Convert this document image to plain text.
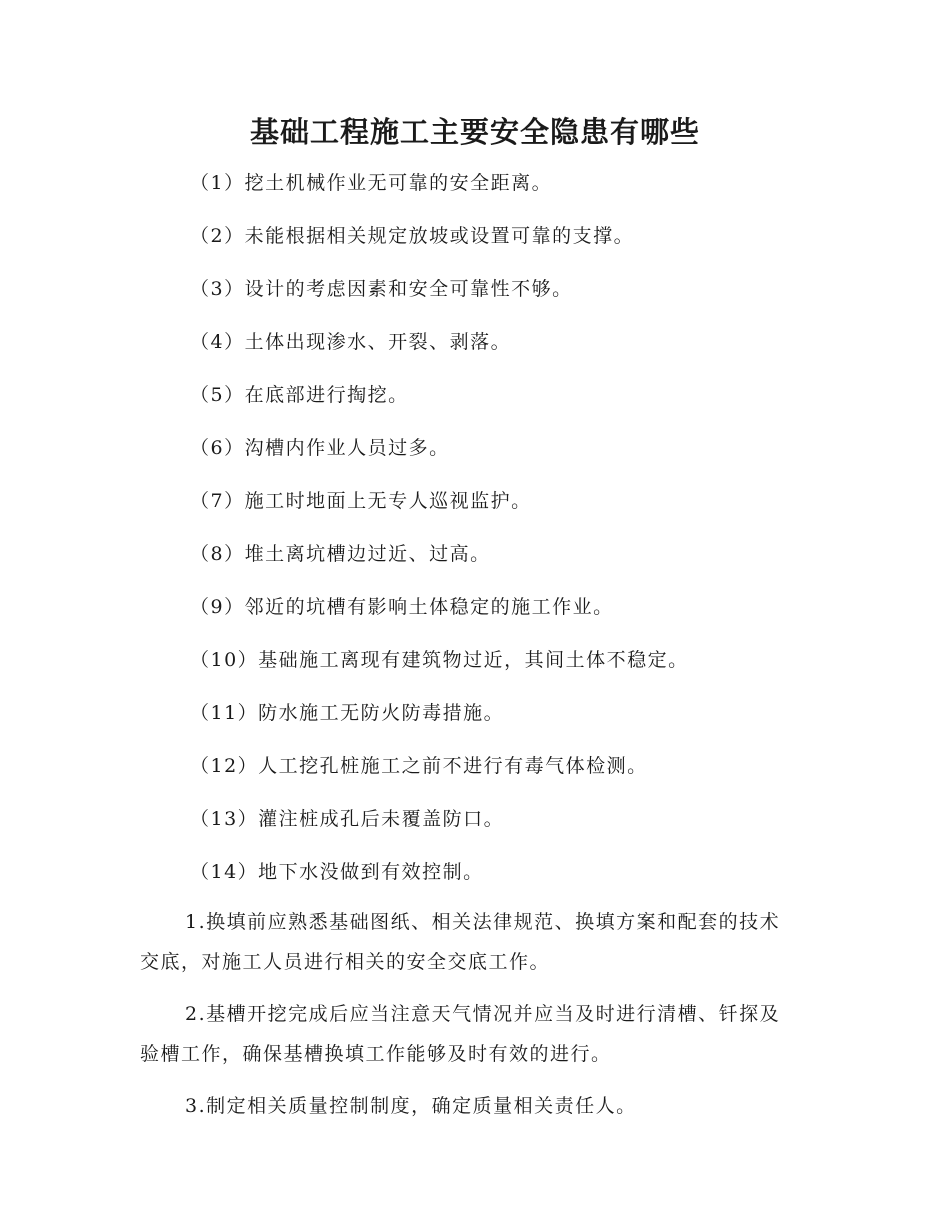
基础工程施工主要安全隐患有哪些
（1）挖土机械作业无可靠的安全距离。
（2）未能根据相关规定放坡或设置可靠的支撑。
（3）设计的考虑因素和安全可靠性不够。
（4）土体出现渗水、开裂、剥落。
（5）在底部进行掏挖。
（6）沟槽内作业人员过多。
（7）施工时地面上无专人巡视监护。
（8）堆土离坑槽边过近、过高。
（9）邻近的坑槽有影响土体稳定的施工作业。
（10）基础施工离现有建筑物过近，其间土体不稳定。
（11）防水施工无防火防毒措施。
（12）人工挖孔桩施工之前不进行有毒气体检测。
（13）灌注桩成孔后未覆盖防口。
（14）地下水没做到有效控制。

1.换填前应熟悉基础图纸、相关法律规范、换填方案和配套的技术交底，对施工人员进行相关的安全交底工作。

2.基槽开挖完成后应当注意天气情况并应当及时进行清槽、钎探及验槽工作，确保基槽换填工作能够及时有效的进行。

3.制定相关质量控制制度，确定质量相关责任人。
